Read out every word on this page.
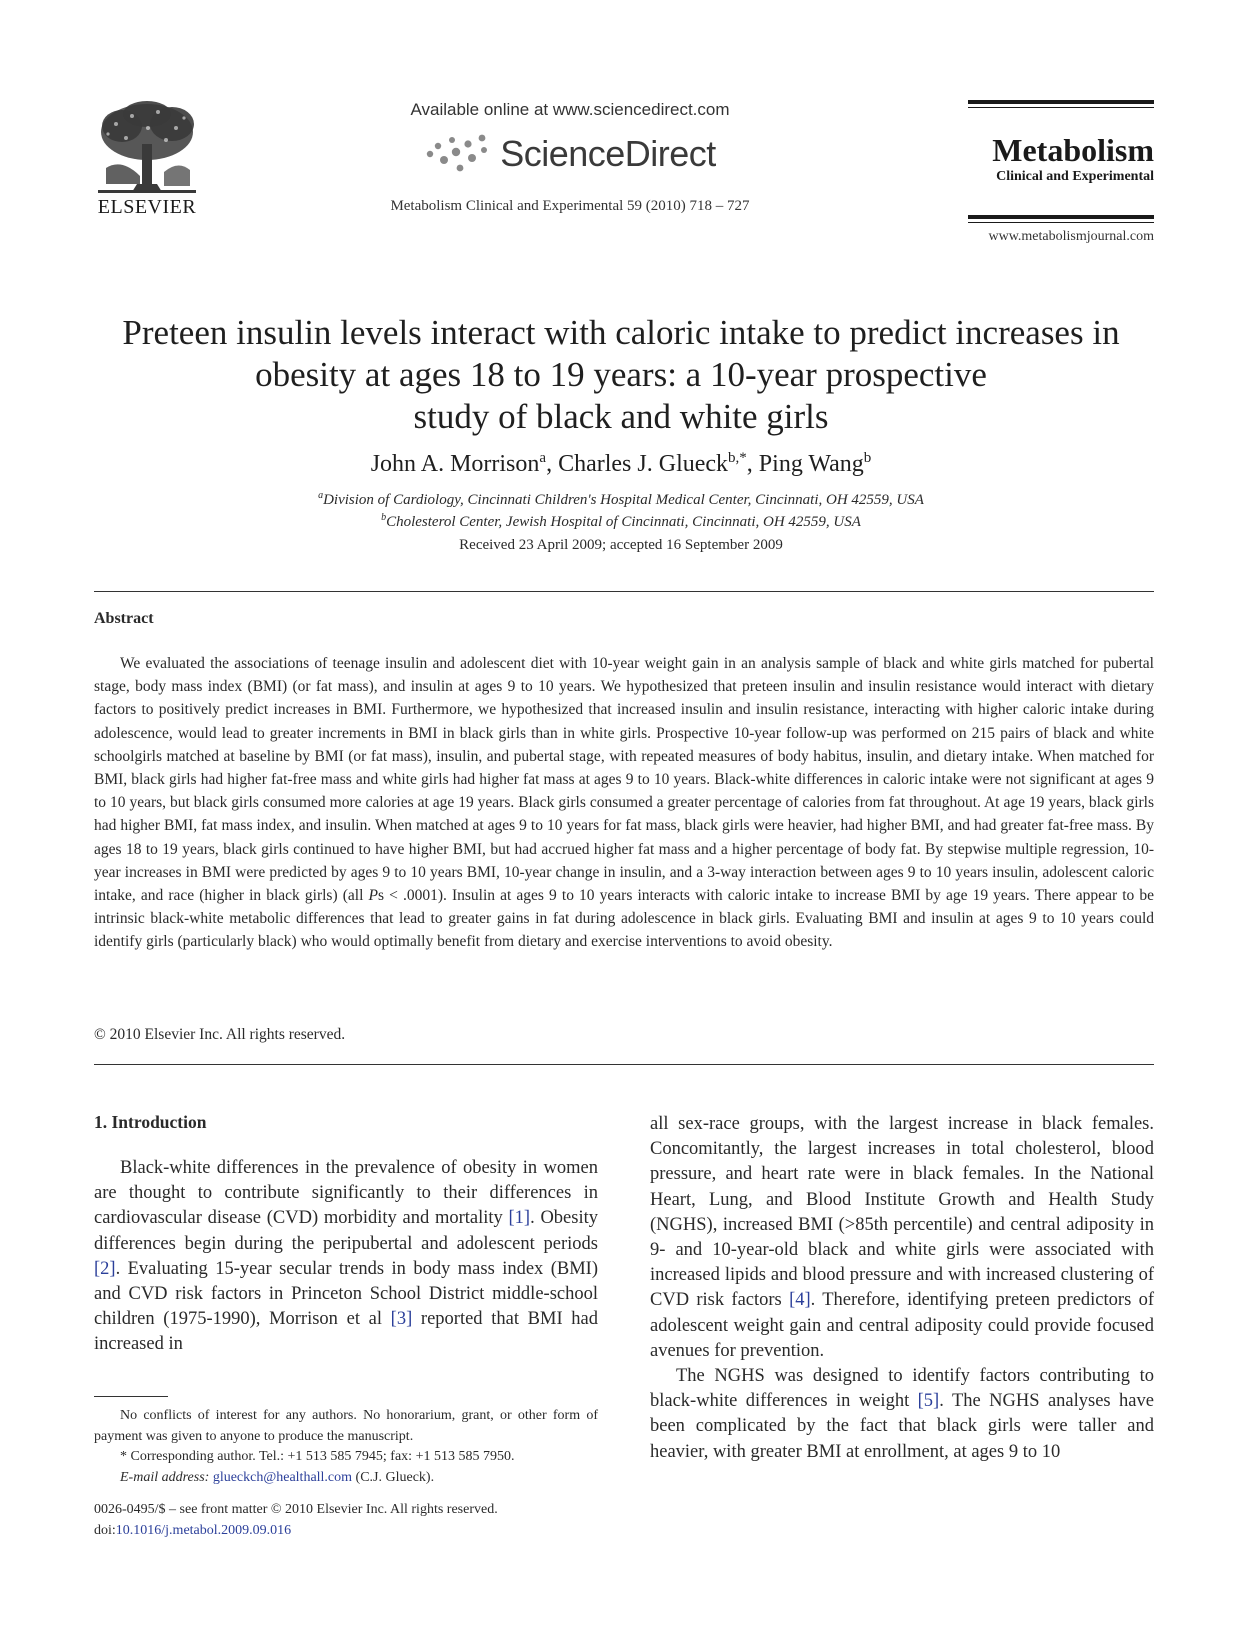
ELSEVIER
Available online at www.sciencedirect.com
ScienceDirect
Metabolism Clinical and Experimental 59 (2010) 718 – 727
Metabolism
Clinical and Experimental
www.metabolismjournal.com
Preteen insulin levels interact with caloric intake to predict increases in
obesity at ages 18 to 19 years: a 10-year prospective
study of black and white girls
John A. Morrison$^a$, Charles J. Glueck$^{b,*}$, Ping Wang$^b$
$^a$Division of Cardiology, Cincinnati Children's Hospital Medical Center, Cincinnati, OH 42559, USA
$^b$Cholesterol Center, Jewish Hospital of Cincinnati, Cincinnati, OH 42559, USA
Received 23 April 2009; accepted 16 September 2009
Abstract

We evaluated the associations of teenage insulin and adolescent diet with 10-year weight gain in an analysis sample of black and white girls matched for pubertal stage, body mass index (BMI) (or fat mass), and insulin at ages 9 to 10 years. We hypothesized that preteen insulin and insulin resistance would interact with dietary factors to positively predict increases in BMI. Furthermore, we hypothesized that increased insulin and insulin resistance, interacting with higher caloric intake during adolescence, would lead to greater increments in BMI in black girls than in white girls. Prospective 10-year follow-up was performed on 215 pairs of black and white schoolgirls matched at baseline by BMI (or fat mass), insulin, and pubertal stage, with repeated measures of body habitus, insulin, and dietary intake. When matched for BMI, black girls had higher fat-free mass and white girls had higher fat mass at ages 9 to 10 years. Black-white differences in caloric intake were not significant at ages 9 to 10 years, but black girls consumed more calories at age 19 years. Black girls consumed a greater percentage of calories from fat throughout. At age 19 years, black girls had higher BMI, fat mass index, and insulin. When matched at ages 9 to 10 years for fat mass, black girls were heavier, had higher BMI, and had greater fat-free mass. By ages 18 to 19 years, black girls continued to have higher BMI, but had accrued higher fat mass and a higher percentage of body fat. By stepwise multiple regression, 10-year increases in BMI were predicted by ages 9 to 10 years BMI, 10-year change in insulin, and a 3-way interaction between ages 9 to 10 years insulin, adolescent caloric intake, and race (higher in black girls) (all Ps < .0001). Insulin at ages 9 to 10 years interacts with caloric intake to increase BMI by age 19 years. There appear to be intrinsic black-white metabolic differences that lead to greater gains in fat during adolescence in black girls. Evaluating BMI and insulin at ages 9 to 10 years could identify girls (particularly black) who would optimally benefit from dietary and exercise interventions to avoid obesity.

© 2010 Elsevier Inc. All rights reserved.
1. Introduction

Black-white differences in the prevalence of obesity in women are thought to contribute significantly to their differences in cardiovascular disease (CVD) morbidity and mortality [1]. Obesity differences begin during the peripubertal and adolescent periods [2]. Evaluating 15-year secular trends in body mass index (BMI) and CVD risk factors in Princeton School District middle-school children (1975-1990), Morrison et al [3] reported that BMI had increased in

all sex-race groups, with the largest increase in black females. Concomitantly, the largest increases in total cholesterol, blood pressure, and heart rate were in black females. In the National Heart, Lung, and Blood Institute Growth and Health Study (NGHS), increased BMI (>85th percentile) and central adiposity in 9- and 10-year-old black and white girls were associated with increased lipids and blood pressure and with increased clustering of CVD risk factors [4]. Therefore, identifying preteen predictors of adolescent weight gain and central adiposity could provide focused avenues for prevention.

The NGHS was designed to identify factors contributing to black-white differences in weight [5]. The NGHS analyses have been complicated by the fact that black girls were taller and heavier, with greater BMI at enrollment, at ages 9 to 10

No conflicts of interest for any authors. No honorarium, grant, or other form of payment was given to anyone to produce the manuscript.

* Corresponding author. Tel.: +1 513 585 7945; fax: +1 513 585 7950.

E-mail address: glueckch@healthall.com (C.J. Glueck).

0026-0495/$ – see front matter © 2010 Elsevier Inc. All rights reserved.
doi:10.1016/j.metabol.2009.09.016
